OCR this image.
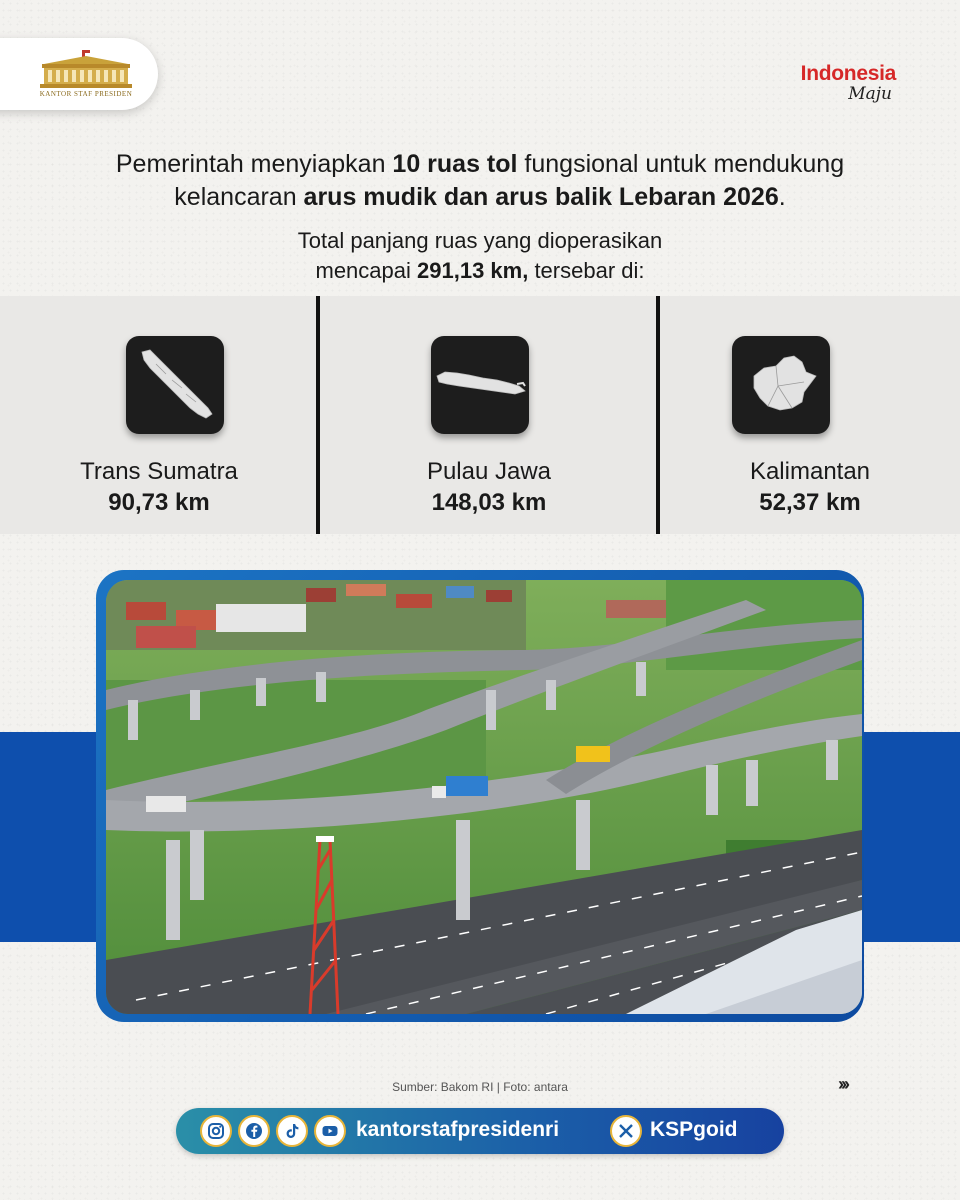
KANTOR STAF PRESIDEN
Indonesia
Maju
Pemerintah menyiapkan 10 ruas tol fungsional untuk mendukung kelancaran arus mudik dan arus balik Lebaran 2026.
Total panjang ruas yang dioperasikan
mencapai 291,13 km, tersebar di:
Trans Sumatra
90,73 km
Pulau Jawa
148,03 km
Kalimantan
52,37 km
Sumber: Bakom RI | Foto: antara	›››
kantorstafpresidenri	KSPgoid
